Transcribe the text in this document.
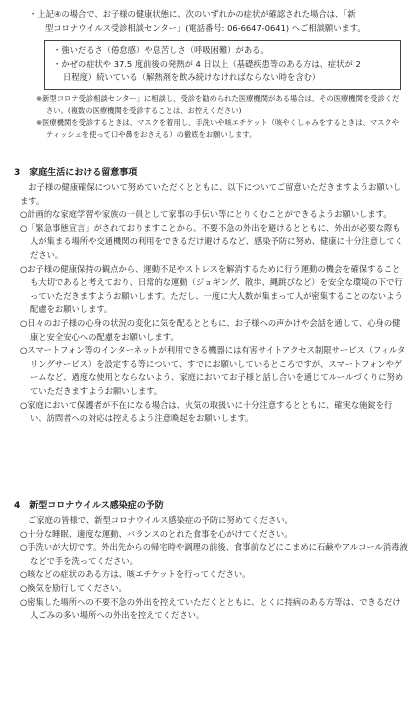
・上記④の場合で、お子様の健康状態に、次のいずれかの症状が確認された場合は、「新

型コロナウイルス受診相談センター」(電話番号: 06-6647-0641) へご相談願います。

・強いだるさ（倦怠感）や息苦しさ（呼吸困難）がある。

・かぜの症状や 37.5 度前後の発熱が 4 日以上（基礎疾患等のある方は、症状が 2

日程度）続いている（解熱剤を飲み続けなければならない時を含む）

※新型コロナ受診相談センター」に相談し、受診を勧められた医療機関がある場合は、その医療機関を受診ください。(複数の医療機関を受診することは、お控えください)

※医療機関を受診するときは、マスクを着用し、手洗いや咳エチケット（咳やくしゃみをするときは、マスクやティッシュを使って口や鼻をおさえる）の徹底をお願いします。

3　家庭生活における留意事項

　お子様の健康確保について努めていただくとともに、以下についてご留意いただきますようお願いします。

○計画的な家庭学習や家族の一員として家事の手伝い等にとりくむことができるようお願いします。

○「緊急事態宣言」がされておりますことから、不要不急の外出を避けるとともに、外出が必要な際も人が集まる場所や交通機関の利用をできるだけ避けるなど、感染予防に努め、健康に十分注意してください。

○お子様の健康保持の観点から、運動不足やストレスを解消するために行う運動の機会を確保することも大切であると考えており、日常的な運動（ジョギング、散歩、縄跳びなど）を安全な環境の下で行っていただきますようお願いします。ただし、一度に大人数が集まって人が密集することのないよう配慮をお願いします。

○日々のお子様の心身の状況の変化に気を配るとともに、お子様への声かけや会話を通して、心身の健康と安全安心への配慮をお願いします。

○スマートフォン等のインターネットが利用できる機器には有害サイトアクセス制限サービス（フィルタリングサービス）を設定する等について、すでにお願いしているところですが、スマートフォンやゲームなど、過度な使用とならないよう、家庭においてお子様と話し合いを通じてルールづくりに努めていただきますようお願いします。

○家庭において保護者が不在になる場合は、火気の取扱いに十分注意するとともに、確実な施錠を行い、訪問者への対応は控えるよう注意喚起をお願いします。

4　新型コロナウイルス感染症の予防

ご家庭の皆様で、新型コロナウイルス感染症の予防に努めてください。

○十分な睡眠、適度な運動、バランスのとれた食事を心がけてください。

○手洗いが大切です。外出先からの帰宅時や調理の前後、食事前などにこまめに石鹸やアルコール消毒液などで手を洗ってください。

○咳などの症状のある方は、咳エチケットを行ってください。

○換気を励行してください。

○密集した場所への不要不急の外出を控えていただくとともに、とくに持病のある方等は、できるだけ人ごみの多い場所への外出を控えてください。
